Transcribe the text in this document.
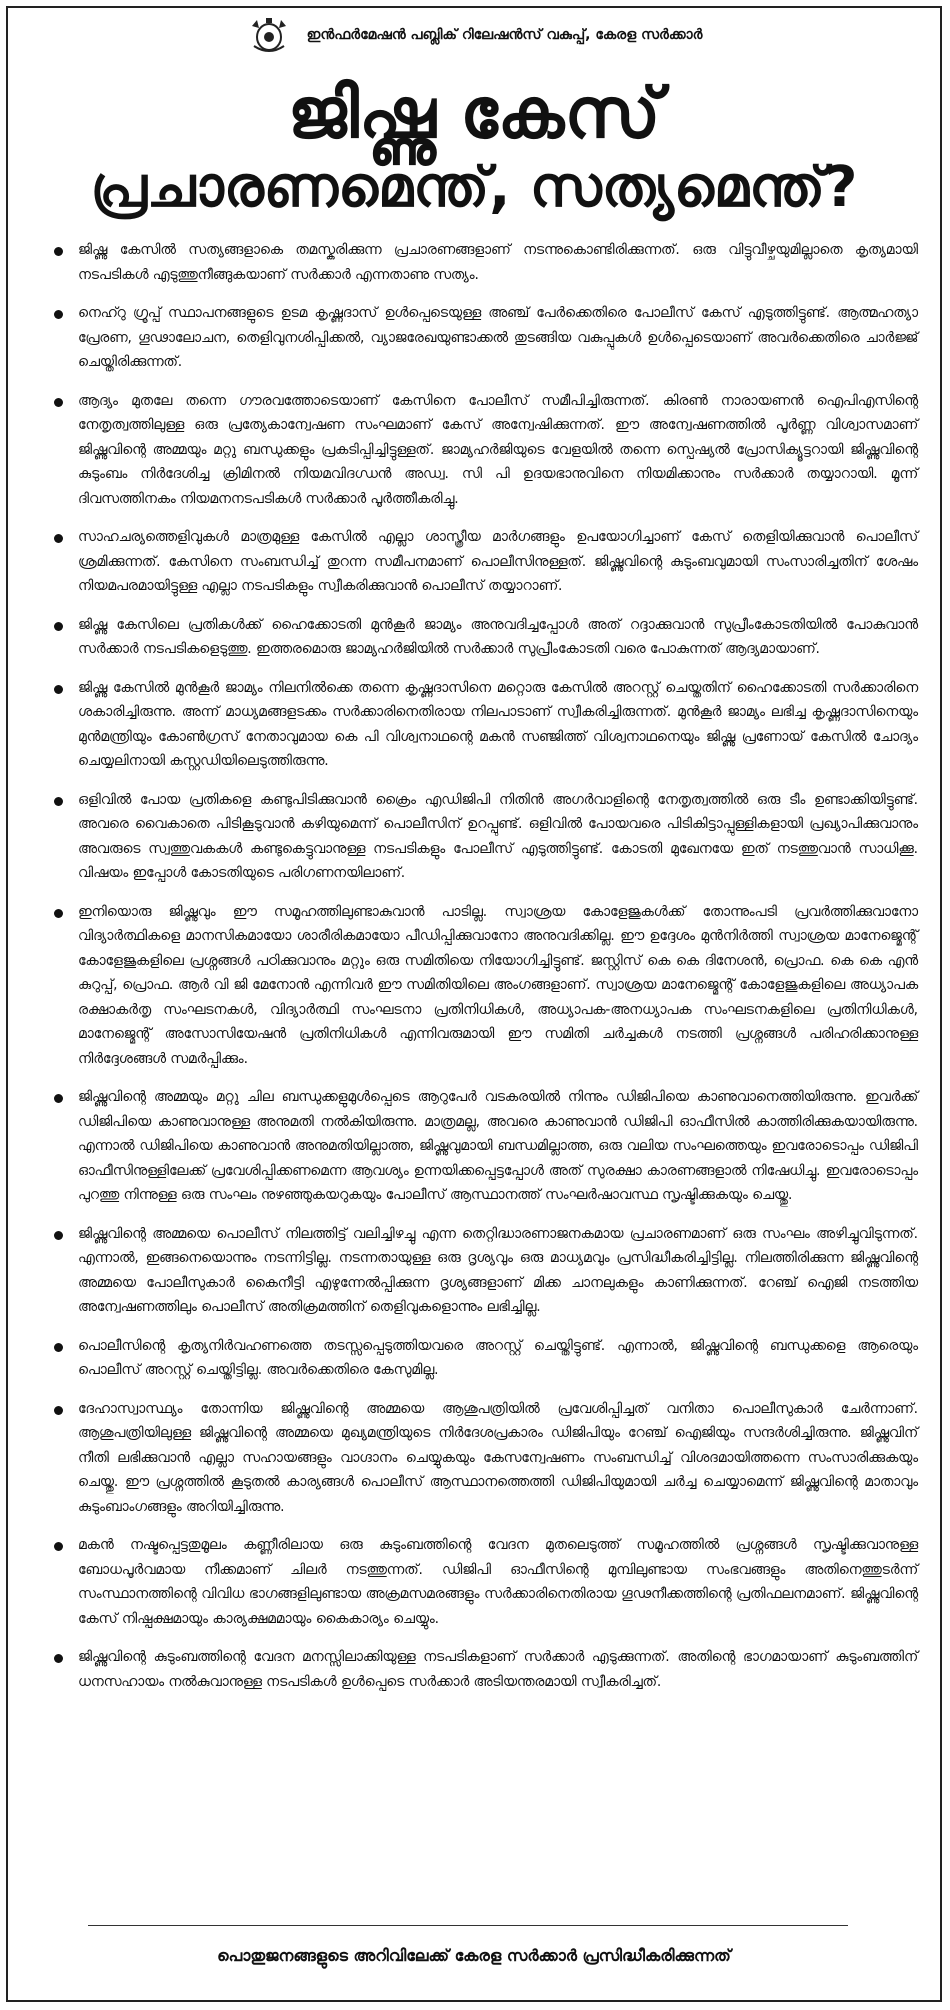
ഇൻഫർമേഷൻ പബ്ലിക് റിലേഷൻസ് വകുപ്പ്, കേരള സർക്കാർ
ജിഷ്ണു കേസ്
പ്രചാരണമെന്ത്, സത്യമെന്ത്?
ജിഷ്ണു കേസിൽ സത്യങ്ങളാകെ തമസ്കരിക്കുന്ന പ്രചാരണങ്ങളാണ് നടന്നുകൊണ്ടിരിക്കുന്നത്. ഒരു വിട്ടുവീഴ്ചയുമില്ലാതെ കൃത്യമായി നടപടികൾ എടുത്തുനീങ്ങുകയാണ് സർക്കാർ എന്നതാണു സത്യം.
നെഹ്റു ഗ്രൂപ്പ് സ്ഥാപനങ്ങളുടെ ഉടമ കൃഷ്ണദാസ് ഉൾപ്പെടെയുള്ള അഞ്ച് പേർക്കെതിരെ പോലീസ് കേസ് എടുത്തിട്ടുണ്ട്. ആത്മഹത്യാ പ്രേരണ, ഗൂഢാലോചന, തെളിവുനശിപ്പിക്കൽ, വ്യാജരേഖയുണ്ടാക്കൽ തുടങ്ങിയ വകുപ്പുകൾ ഉൾപ്പെടെയാണ് അവർക്കെതിരെ ചാർജ്ജ് ചെയ്തിരിക്കുന്നത്.
ആദ്യം മുതലേ തന്നെ ഗൗരവത്തോടെയാണ് കേസിനെ പോലീസ് സമീപിച്ചിരുന്നത്. കിരൺ നാരായണൻ ഐപിഎസിന്റെ നേതൃത്വത്തിലുള്ള ഒരു പ്രത്യേകാന്വേഷണ സംഘമാണ് കേസ് അന്വേഷിക്കുന്നത്. ഈ അന്വേഷണത്തിൽ പൂർണ്ണ വിശ്വാസമാണ് ജിഷ്ണുവിന്റെ അമ്മയും മറ്റു ബന്ധുക്കളും പ്രകടിപ്പിച്ചിട്ടുള്ളത്. ജാമ്യഹർജിയുടെ വേളയിൽ തന്നെ സ്പെഷ്യൽ പ്രോസിക്യൂട്ടറായി ജിഷ്ണുവിന്റെ കുടുംബം നിർദേശിച്ച ക്രിമിനൽ നിയമവിദഗ്ധൻ അഡ്വ. സി പി ഉദയഭാനുവിനെ നിയമിക്കാനും സർക്കാർ തയ്യാറായി. മൂന്ന് ദിവസത്തിനകം നിയമനനടപടികൾ സർക്കാർ പൂർത്തീകരിച്ചു.
സാഹചര്യത്തെളിവുകൾ മാത്രമുള്ള കേസിൽ എല്ലാ ശാസ്ത്രീയ മാർഗങ്ങളും ഉപയോഗിച്ചാണ് കേസ് തെളിയിക്കുവാൻ പൊലീസ് ശ്രമിക്കുന്നത്. കേസിനെ സംബന്ധിച്ച് തുറന്ന സമീപനമാണ് പൊലീസിനുള്ളത്. ജിഷ്ണുവിന്റെ കുടുംബവുമായി സംസാരിച്ചതിന് ശേഷം നിയമപരമായിട്ടുള്ള എല്ലാ നടപടികളും സ്വീകരിക്കുവാൻ പൊലീസ് തയ്യാറാണ്.
ജിഷ്ണു കേസിലെ പ്രതികൾക്ക് ഹൈക്കോടതി മുൻകൂർ ജാമ്യം അനുവദിച്ചപ്പോൾ അത് റദ്ദാക്കുവാൻ സുപ്രീംകോടതിയിൽ പോകുവാൻ സർക്കാർ നടപടികളെടുത്തു. ഇത്തരമൊരു ജാമ്യഹർജിയിൽ സർക്കാർ സുപ്രീംകോടതി വരെ പോകുന്നത് ആദ്യമായാണ്.
ജിഷ്ണു കേസിൽ മുൻകൂർ ജാമ്യം നിലനിൽക്കെ തന്നെ കൃഷ്ണദാസിനെ മറ്റൊരു കേസിൽ അറസ്റ്റ് ചെയ്തതിന് ഹൈക്കോടതി സർക്കാരിനെ ശകാരിച്ചിരുന്നു. അന്ന് മാധ്യമങ്ങളടക്കം സർക്കാരിനെതിരായ നിലപാടാണ് സ്വീകരിച്ചിരുന്നത്. മുൻകൂർ ജാമ്യം ലഭിച്ച കൃഷ്ണദാസിനെയും മുൻമന്ത്രിയും കോൺഗ്രസ് നേതാവുമായ കെ പി വിശ്വനാഥന്റെ മകൻ സഞ്ജിത്ത് വിശ്വനാഥനെയും ജിഷ്ണു പ്രണോയ് കേസിൽ ചോദ്യം ചെയ്യലിനായി കസ്റ്റഡിയിലെടുത്തിരുന്നു.
ഒളിവിൽ പോയ പ്രതികളെ കണ്ടുപിടിക്കുവാൻ ക്രൈം എഡിജിപി നിതിൻ അഗർവാളിന്റെ നേതൃത്വത്തിൽ ഒരു ടീം ഉണ്ടാക്കിയിട്ടുണ്ട്. അവരെ വൈകാതെ പിടികൂടുവാൻ കഴിയുമെന്ന് പൊലീസിന് ഉറപ്പുണ്ട്. ഒളിവിൽ പോയവരെ പിടികിട്ടാപ്പുള്ളികളായി പ്രഖ്യാപിക്കുവാനും അവരുടെ സ്വത്തുവകകൾ കണ്ടുകെട്ടുവാനുള്ള നടപടികളും പോലീസ് എടുത്തിട്ടുണ്ട്. കോടതി മുഖേനയേ ഇത് നടത്തുവാൻ സാധിക്കൂ. വിഷയം ഇപ്പോൾ കോടതിയുടെ പരിഗണനയിലാണ്.
ഇനിയൊരു ജിഷ്ണുവും ഈ സമൂഹത്തിലുണ്ടാകുവാൻ പാടില്ല. സ്വാശ്രയ കോളേജുകൾക്ക് തോന്നുംപടി പ്രവർത്തിക്കുവാനോ വിദ്യാർത്ഥികളെ മാനസികമായോ ശാരീരികമായോ പീഡിപ്പിക്കുവാനോ അനുവദിക്കില്ല. ഈ ഉദ്ദേശം മുൻനിർത്തി സ്വാശ്രയ മാനേജ്മെന്റ് കോളേജുകളിലെ പ്രശ്നങ്ങൾ പഠിക്കുവാനും മറ്റും ഒരു സമിതിയെ നിയോഗിച്ചിട്ടുണ്ട്. ജസ്റ്റിസ് കെ കെ ദിനേശൻ, പ്രൊഫ. കെ കെ എൻ കുറുപ്പ്, പ്രൊഫ. ആർ വി ജി മേനോൻ എന്നിവർ ഈ സമിതിയിലെ അംഗങ്ങളാണ്. സ്വാശ്രയ മാനേജ്മെന്റ് കോളേജുകളിലെ അധ്യാപക രക്ഷാകർതൃ സംഘടനകൾ, വിദ്യാർത്ഥി സംഘടനാ പ്രതിനിധികൾ, അധ്യാപക-അനധ്യാപക സംഘടനകളിലെ പ്രതിനിധികൾ, മാനേജ്മെന്റ് അസോസിയേഷൻ പ്രതിനിധികൾ എന്നിവരുമായി ഈ സമിതി ചർച്ചകൾ നടത്തി പ്രശ്നങ്ങൾ പരിഹരിക്കാനുള്ള നിർദ്ദേശങ്ങൾ സമർപ്പിക്കും.
ജിഷ്ണുവിന്റെ അമ്മയും മറ്റു ചില ബന്ധുക്കളുമുൾപ്പെടെ ആറുപേർ വടകരയിൽ നിന്നും ഡിജിപിയെ കാണുവാനെത്തിയിരുന്നു. ഇവർക്ക് ഡിജിപിയെ കാണുവാനുള്ള അനുമതി നൽകിയിരുന്നു. മാത്രമല്ല, അവരെ കാണുവാൻ ഡിജിപി ഓഫീസിൽ കാത്തിരിക്കുകയായിരുന്നു. എന്നാൽ ഡിജിപിയെ കാണുവാൻ അനുമതിയില്ലാത്ത, ജിഷ്ണുവുമായി ബന്ധമില്ലാത്ത, ഒരു വലിയ സംഘത്തെയും ഇവരോടൊപ്പം ഡിജിപി ഓഫീസിനുള്ളിലേക്ക് പ്രവേശിപ്പിക്കണമെന്ന ആവശ്യം ഉന്നയിക്കപ്പെട്ടപ്പോൾ അത് സുരക്ഷാ കാരണങ്ങളാൽ നിഷേധിച്ചു. ഇവരോടൊപ്പം പുറത്തു നിന്നുള്ള ഒരു സംഘം നുഴഞ്ഞുകയറുകയും പോലീസ് ആസ്ഥാനത്ത് സംഘർഷാവസ്ഥ സൃഷ്ടിക്കുകയും ചെയ്തു.
ജിഷ്ണുവിന്റെ അമ്മയെ പൊലീസ് നിലത്തിട്ട് വലിച്ചിഴച്ചു എന്ന തെറ്റിദ്ധാരണാജനകമായ പ്രചാരണമാണ് ഒരു സംഘം അഴിച്ചുവിടുന്നത്. എന്നാൽ, ഇങ്ങനെയൊന്നും നടന്നിട്ടില്ല. നടന്നതായുള്ള ഒരു ദൃശ്യവും ഒരു മാധ്യമവും പ്രസിദ്ധീകരിച്ചിട്ടില്ല. നിലത്തിരിക്കുന്ന ജിഷ്ണുവിന്റെ അമ്മയെ പോലീസുകാർ കൈനീട്ടി എഴുന്നേൽപ്പിക്കുന്ന ദൃശ്യങ്ങളാണ് മിക്ക ചാനലുകളും കാണിക്കുന്നത്. റേഞ്ച് ഐജി നടത്തിയ അന്വേഷണത്തിലും പൊലീസ് അതിക്രമത്തിന് തെളിവുകളൊന്നും ലഭിച്ചില്ല.
പൊലീസിന്റെ കൃത്യനിർവഹണത്തെ തടസ്സപ്പെടുത്തിയവരെ അറസ്റ്റ് ചെയ്തിട്ടുണ്ട്. എന്നാൽ, ജിഷ്ണുവിന്റെ ബന്ധുക്കളെ ആരെയും പൊലീസ് അറസ്റ്റ് ചെയ്തിട്ടില്ല. അവർക്കെതിരെ കേസുമില്ല.
ദേഹാസ്വാസ്ഥ്യം തോന്നിയ ജിഷ്ണുവിന്റെ അമ്മയെ ആശുപത്രിയിൽ പ്രവേശിപ്പിച്ചത് വനിതാ പൊലീസുകാർ ചേർന്നാണ്. ആശുപത്രിയിലുള്ള ജിഷ്ണുവിന്റെ അമ്മയെ മുഖ്യമന്ത്രിയുടെ നിർദേശപ്രകാരം ഡിജിപിയും റേഞ്ച് ഐജിയും സന്ദർശിച്ചിരുന്നു. ജിഷ്ണുവിന് നീതി ലഭിക്കുവാൻ എല്ലാ സഹായങ്ങളും വാഗ്ദാനം ചെയ്യുകയും കേസന്വേഷണം സംബന്ധിച്ച് വിശദമായിത്തന്നെ സംസാരിക്കുകയും ചെയ്തു. ഈ പ്രശ്നത്തിൽ കൂടുതൽ കാര്യങ്ങൾ പൊലീസ് ആസ്ഥാനത്തെത്തി ഡിജിപിയുമായി ചർച്ച ചെയ്യാമെന്ന് ജിഷ്ണുവിന്റെ മാതാവും കുടുംബാംഗങ്ങളും അറിയിച്ചിരുന്നു.
മകൻ നഷ്ടപ്പെട്ടതുമൂലം കണ്ണീരിലായ ഒരു കുടുംബത്തിന്റെ വേദന മുതലെടുത്ത് സമൂഹത്തിൽ പ്രശ്നങ്ങൾ സൃഷ്ടിക്കുവാനുള്ള ബോധപൂർവമായ നീക്കമാണ് ചിലർ നടത്തുന്നത്. ഡിജിപി ഓഫീസിന്റെ മുമ്പിലുണ്ടായ സംഭവങ്ങളും അതിനെത്തുടർന്ന് സംസ്ഥാനത്തിന്റെ വിവിധ ഭാഗങ്ങളിലുണ്ടായ അക്രമസമരങ്ങളും സർക്കാരിനെതിരായ ഗൂഢനീക്കത്തിന്റെ പ്രതിഫലനമാണ്. ജിഷ്ണുവിന്റെ കേസ് നിഷ്പക്ഷമായും കാര്യക്ഷമമായും കൈകാര്യം ചെയ്യും.
ജിഷ്ണുവിന്റെ കുടുംബത്തിന്റെ വേദന മനസ്സിലാക്കിയുള്ള നടപടികളാണ് സർക്കാർ എടുക്കുന്നത്. അതിന്റെ ഭാഗമായാണ് കുടുംബത്തിന് ധനസഹായം നൽകുവാനുള്ള നടപടികൾ ഉൾപ്പെടെ സർക്കാർ അടിയന്തരമായി സ്വീകരിച്ചത്.
പൊതുജനങ്ങളുടെ അറിവിലേക്ക് കേരള സർക്കാർ പ്രസിദ്ധീകരിക്കുന്നത്
